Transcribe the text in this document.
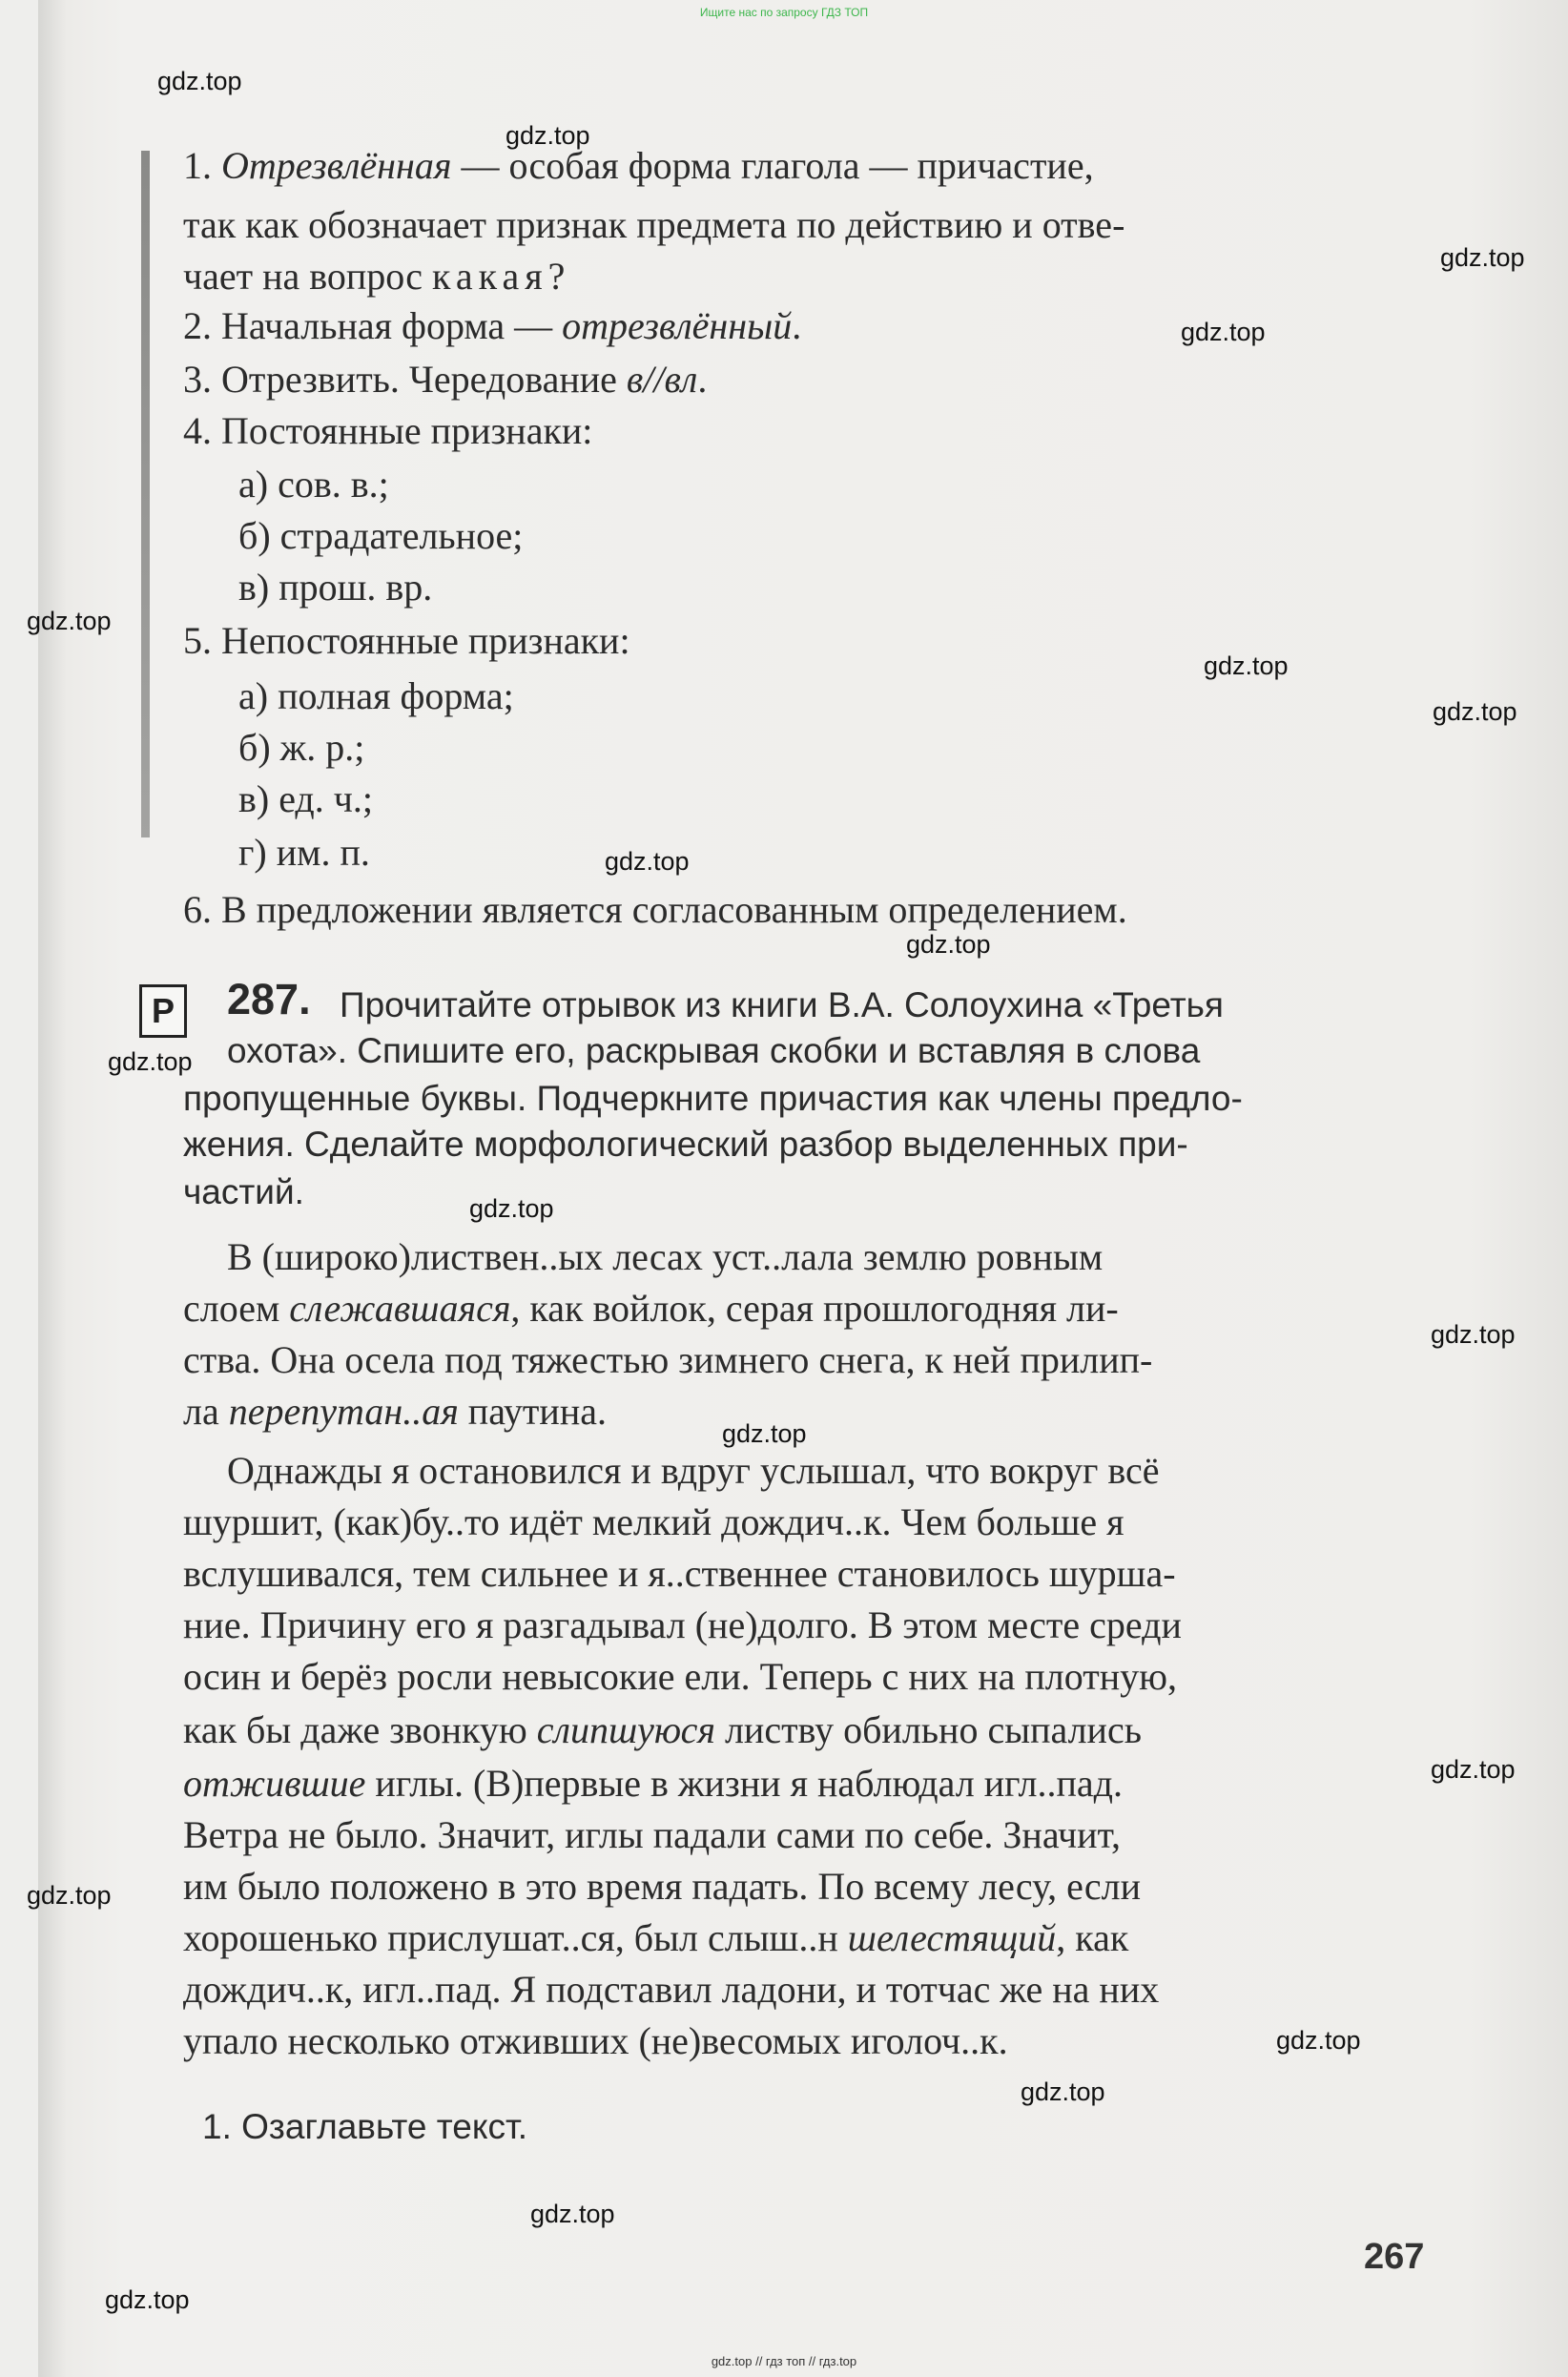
Ищите нас по запросу ГДЗ ТОП
gdz.top
gdz.top
gdz.top
gdz.top
gdz.top
gdz.top
gdz.top
gdz.top
gdz.top
gdz.top
gdz.top
gdz.top
gdz.top
gdz.top
gdz.top
gdz.top
gdz.top
gdz.top
gdz.top
1. Отрезвлённая — особая форма глагола — причастие,
так как обозначает признак предмета по действию и отве-
чает на вопрос какая?
2. Начальная форма — отрезвлённый.
3. Отрезвить. Чередование в//вл.
4. Постоянные признаки:
а) сов. в.;
б) страдательное;
в) прош. вр.
5. Непостоянные признаки:
а) полная форма;
б) ж. р.;
в) ед. ч.;
г) им. п.
6. В предложении является согласованным определением.
Р 287. Прочитайте отрывок из книги В.А. Солоухина «Третья
охота». Спишите его, раскрывая скобки и вставляя в слова
пропущенные буквы. Подчеркните причастия как члены предло-
жения. Сделайте морфологический разбор выделенных при-
частий.
В (широко)листвен..ых лесах уст..лала землю ровным
слоем слежавшаяся, как войлок, серая прошлогодняя ли-
ства. Она осела под тяжестью зимнего снега, к ней прилип-
ла перепутан..ая паутина.
Однажды я остановился и вдруг услышал, что вокруг всё
шуршит, (как)бу..то идёт мелкий дождич..к. Чем больше я
вслушивался, тем сильнее и я..ственнее становилось шурша-
ние. Причину его я разгадывал (не)долго. В этом месте среди
осин и берёз росли невысокие ели. Теперь с них на плотную,
как бы даже звонкую слипшуюся листву обильно сыпались
отжившие иглы. (В)первые в жизни я наблюдал игл..пад.
Ветра не было. Значит, иглы падали сами по себе. Значит,
им было положено в это время падать. По всему лесу, если
хорошенько прислушат..ся, был слыш..н шелестящий, как
дождич..к, игл..пад. Я подставил ладони, и тотчас же на них
упало несколько отживших (не)весомых иголоч..к.
1. Озаглавьте текст.
267
gdz.top // гдз топ // гдз.top
